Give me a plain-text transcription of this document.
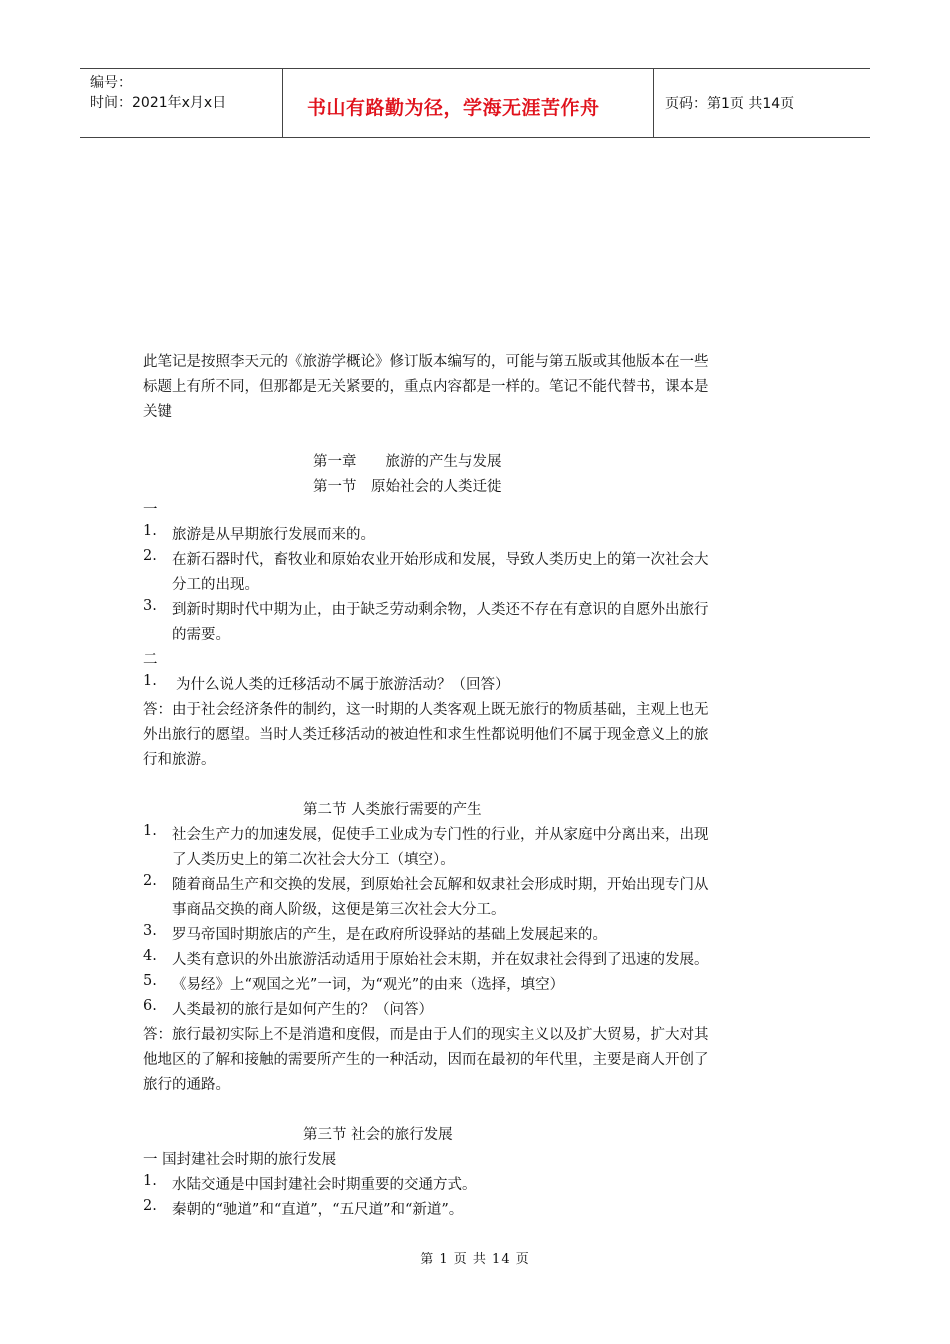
编号：
时间：2021年x月x日	书山有路勤为径，学海无涯苦作舟	页码：第1页 共14页
此笔记是按照李天元的《旅游学概论》修订版本编写的，可能与第五版或其他版本在一些
标题上有所不同，但那都是无关紧要的，重点内容都是一样的。笔记不能代替书，课本是
关键
第一章　　旅游的产生与发展
第一节　原始社会的人类迁徙
一
1. 旅游是从早期旅行发展而来的。
2. 在新石器时代，畜牧业和原始农业开始形成和发展，导致人类历史上的第一次社会大
分工的出现。
3. 到新时期时代中期为止，由于缺乏劳动剩余物，人类还不存在有意识的自愿外出旅行
的需要。
二
1. 为什么说人类的迁移活动不属于旅游活动？（回答）
答：由于社会经济条件的制约，这一时期的人类客观上既无旅行的物质基础，主观上也无
外出旅行的愿望。当时人类迁移活动的被迫性和求生性都说明他们不属于现金意义上的旅
行和旅游。
第二节 人类旅行需要的产生
1. 社会生产力的加速发展，促使手工业成为专门性的行业，并从家庭中分离出来，出现
了人类历史上的第二次社会大分工（填空）。
2. 随着商品生产和交换的发展，到原始社会瓦解和奴隶社会形成时期，开始出现专门从
事商品交换的商人阶级，这便是第三次社会大分工。
3. 罗马帝国时期旅店的产生，是在政府所设驿站的基础上发展起来的。
4. 人类有意识的外出旅游活动适用于原始社会末期，并在奴隶社会得到了迅速的发展。
5. 《易经》上“观国之光”一词，为“观光”的由来（选择，填空）
6. 人类最初的旅行是如何产生的？（问答）
答：旅行最初实际上不是消遣和度假，而是由于人们的现实主义以及扩大贸易，扩大对其
他地区的了解和接触的需要所产生的一种活动，因而在最初的年代里，主要是商人开创了
旅行的通路。
第三节 社会的旅行发展
一 国封建社会时期的旅行发展
1. 水陆交通是中国封建社会时期重要的交通方式。
2. 秦朝的“驰道”和“直道”，“五尺道”和“新道”。
第 1 页 共 14 页
